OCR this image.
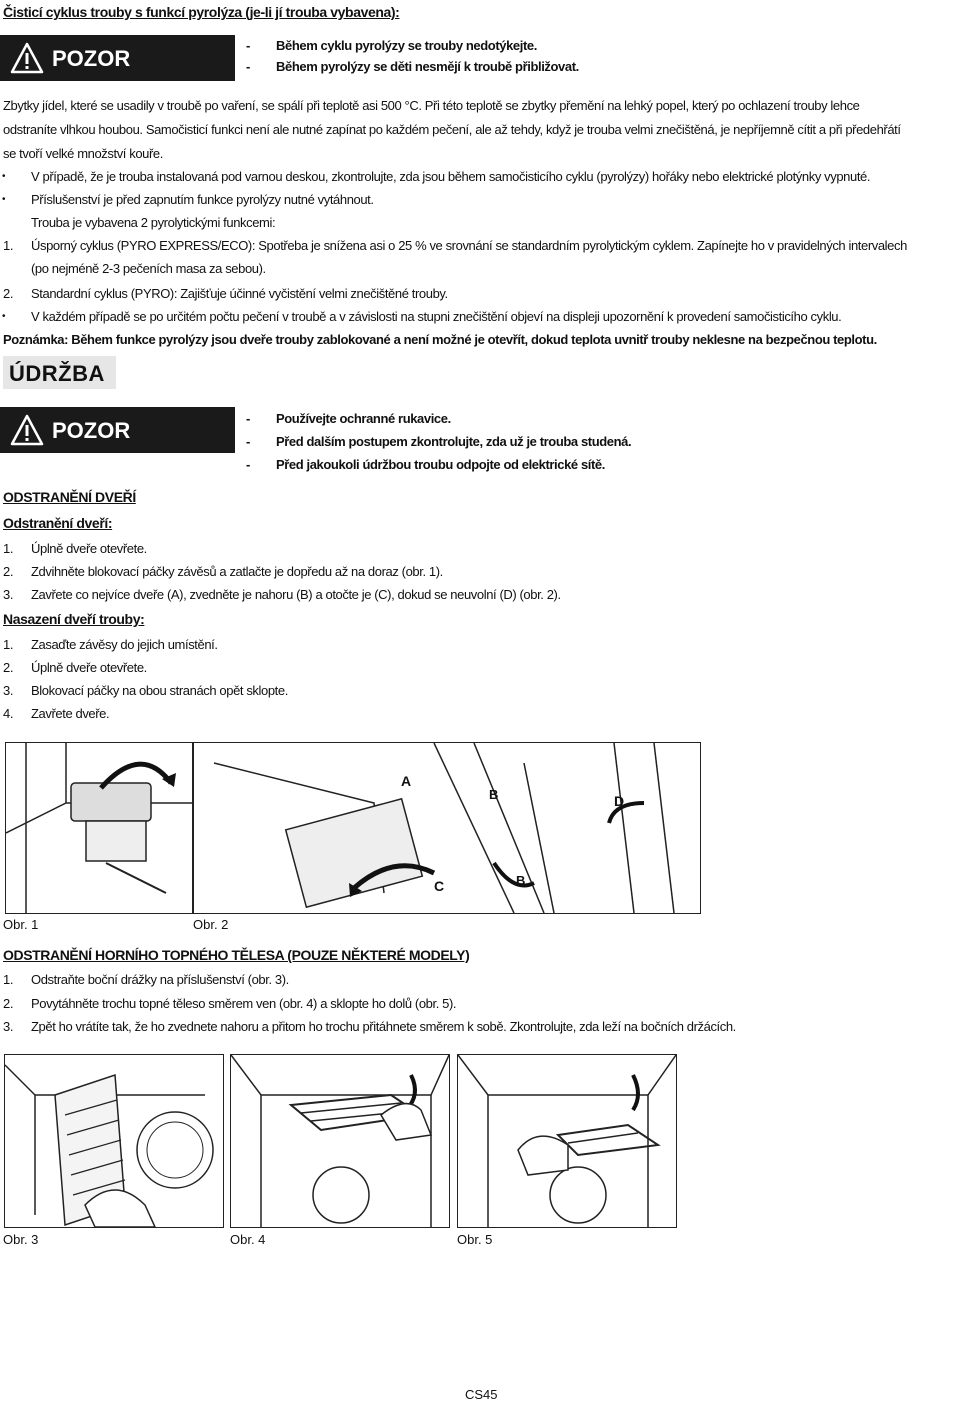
Čisticí cyklus trouby s funkcí pyrolýza (je-li jí trouba vybavena):
POZOR
- Během cyklu pyrolýzy se trouby nedotýkejte.
- Během pyrolýzy se děti nesmějí k troubě přibližovat.
Zbytky jídel, které se usadily v troubě po vaření, se spálí při teplotě asi 500 °C. Při této teplotě se zbytky přemění na lehký popel, který po ochlazení trouby lehce
odstraníte vlhkou houbou. Samočisticí funkci není ale nutné zapínat po každém pečení, ale až tehdy, když je trouba velmi znečištěná, je nepříjemně cítit a při předehřátí
se tvoří velké množství kouře.
• V případě, že je trouba instalovaná pod varnou deskou, zkontrolujte, zda jsou během samočisticího cyklu (pyrolýzy) hořáky nebo elektrické plotýnky vypnuté.
• Příslušenství je před zapnutím funkce pyrolýzy nutné vytáhnout.
Trouba je vybavena 2 pyrolytickými funkcemi:
1. Úsporný cyklus (PYRO EXPRESS/ECO): Spotřeba je snížena asi o 25 % ve srovnání se standardním pyrolytickým cyklem. Zapínejte ho v pravidelných intervalech
(po nejméně 2-3 pečeních masa za sebou).
2. Standardní cyklus (PYRO): Zajišťuje účinné vyčistění velmi znečištěné trouby.
• V každém případě se po určitém počtu pečení v troubě a v závislosti na stupni znečištění objeví na displeji upozornění k provedení samočisticího cyklu.
Poznámka: Během funkce pyrolýzy jsou dveře trouby zablokované a není možné je otevřít, dokud teplota uvnitř trouby neklesne na bezpečnou teplotu.
ÚDRŽBA
POZOR	- Používejte ochranné rukavice.
- Před dalším postupem zkontrolujte, zda už je trouba studená.
- Před jakoukoli údržbou troubu odpojte od elektrické sítě.
ODSTRANĚNÍ DVEŘÍ
Odstranění dveří:
1. Úplně dveře otevřete.
2. Zdvihněte blokovací páčky závěsů a zatlačte je dopředu až na doraz (obr. 1).
3. Zavřete co nejvíce dveře (A), zvedněte je nahoru (B) a otočte je (C), dokud se neuvolní (D) (obr. 2).
Nasazení dveří trouby:
1. Zasaďte závěsy do jejich umístění.
2. Úplně dveře otevřete.
3. Blokovací páčky na obou stranách opět sklopte.
4. Zavřete dveře.
Obr. 1
A
B
C	B
D
Obr. 2
ODSTRANĚNÍ HORNÍHO TOPNÉHO TĚLESA (POUZE NĚKTERÉ MODELY)
1. Odstraňte boční drážky na příslušenství (obr. 3).
2. Povytáhněte trochu topné těleso směrem ven (obr. 4) a sklopte ho dolů (obr. 5).
3. Zpět ho vrátíte tak, že ho zvednete nahoru a přitom ho trochu přitáhnete směrem k sobě. Zkontrolujte, zda leží na bočních držácích.
Obr. 3	Obr. 4	Obr. 5
CS45
